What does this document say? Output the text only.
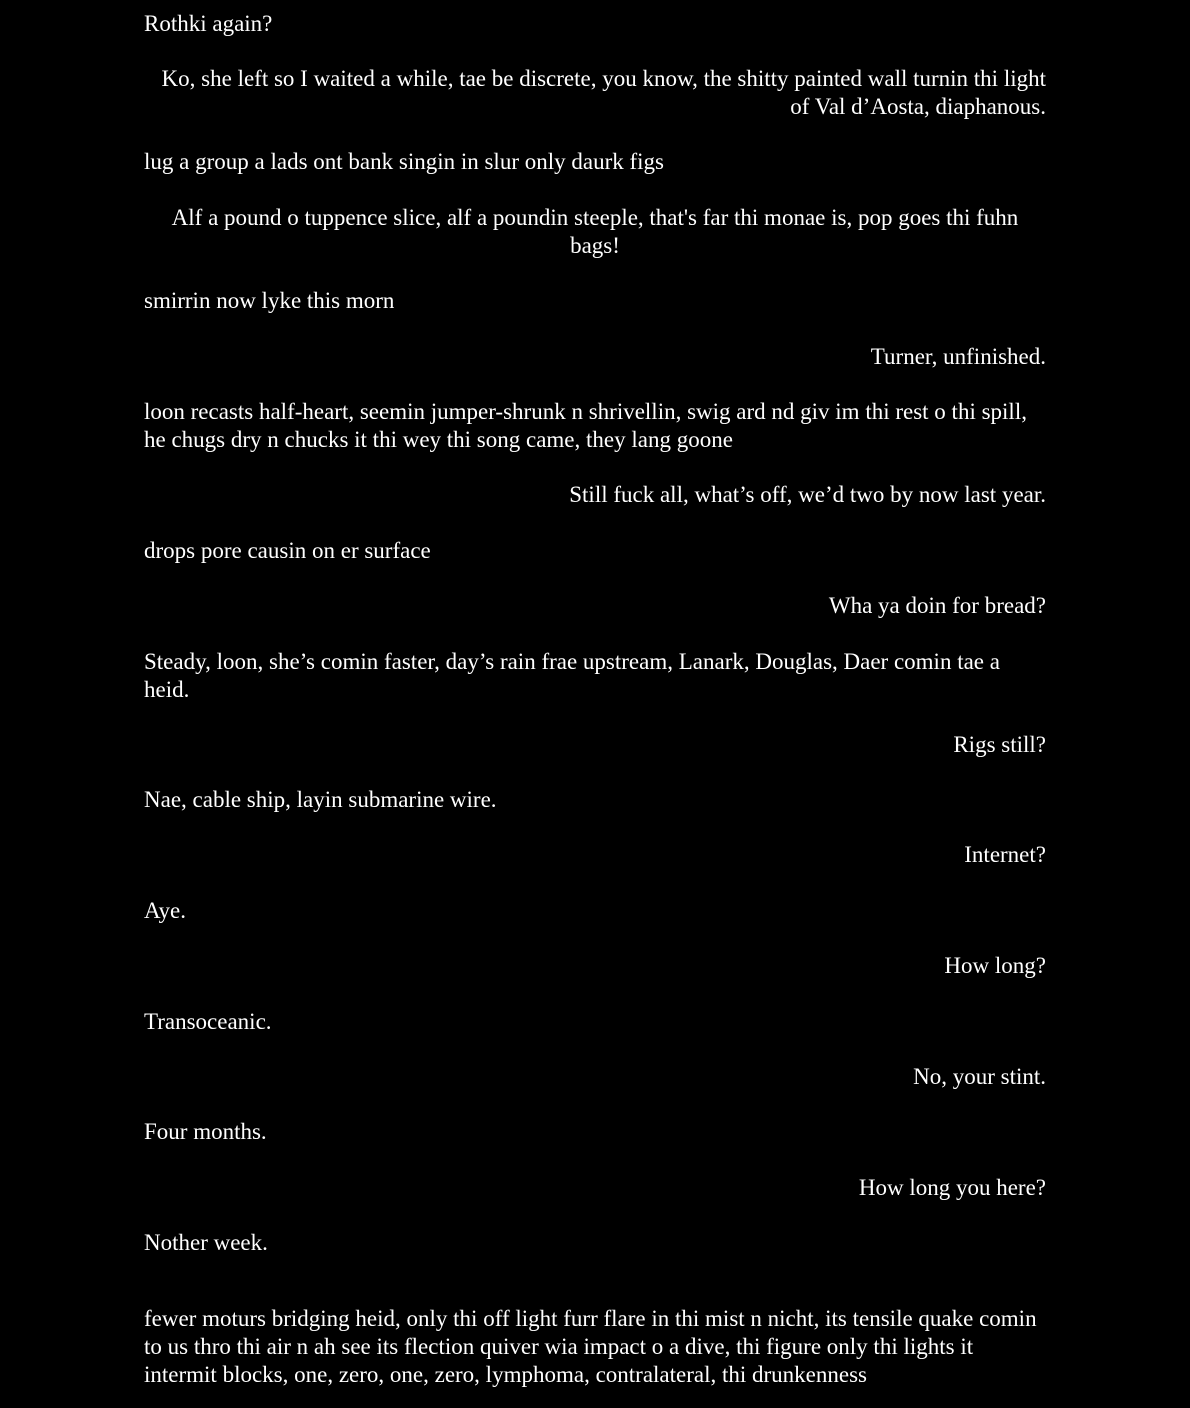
Rothki again?

Ko, she left so I waited a while, tae be discrete, you know, the shitty painted wall turnin thi light of Val d’Aosta, diaphanous.

lug a group a lads ont bank singin in slur only daurk figs

Alf a pound o tuppence slice, alf a poundin steeple, that's far thi monae is, pop goes thi fuhn bags!

smirrin now lyke this morn

Turner, unfinished.

loon recasts half-heart, seemin jumper-shrunk n shrivellin, swig ard nd giv im thi rest o thi spill, he chugs dry n chucks it thi wey thi song came, they lang goone

Still fuck all, what’s off, we’d two by now last year.

drops pore causin on er surface

Wha ya doin for bread?

Steady, loon, she’s comin faster, day’s rain frae upstream, Lanark, Douglas, Daer comin tae a heid.

Rigs still?

Nae, cable ship, layin submarine wire.

Internet?

Aye.

How long?

Transoceanic.

No, your stint.

Four months.

How long you here?

Nother week.

fewer moturs bridging heid, only thi off light furr flare in thi mist n nicht, its tensile quake comin to us thro thi air n ah see its flection quiver wia impact o a dive, thi figure only thi lights it intermit blocks, one, zero, one, zero, lymphoma, contralateral, thi drunkenness
